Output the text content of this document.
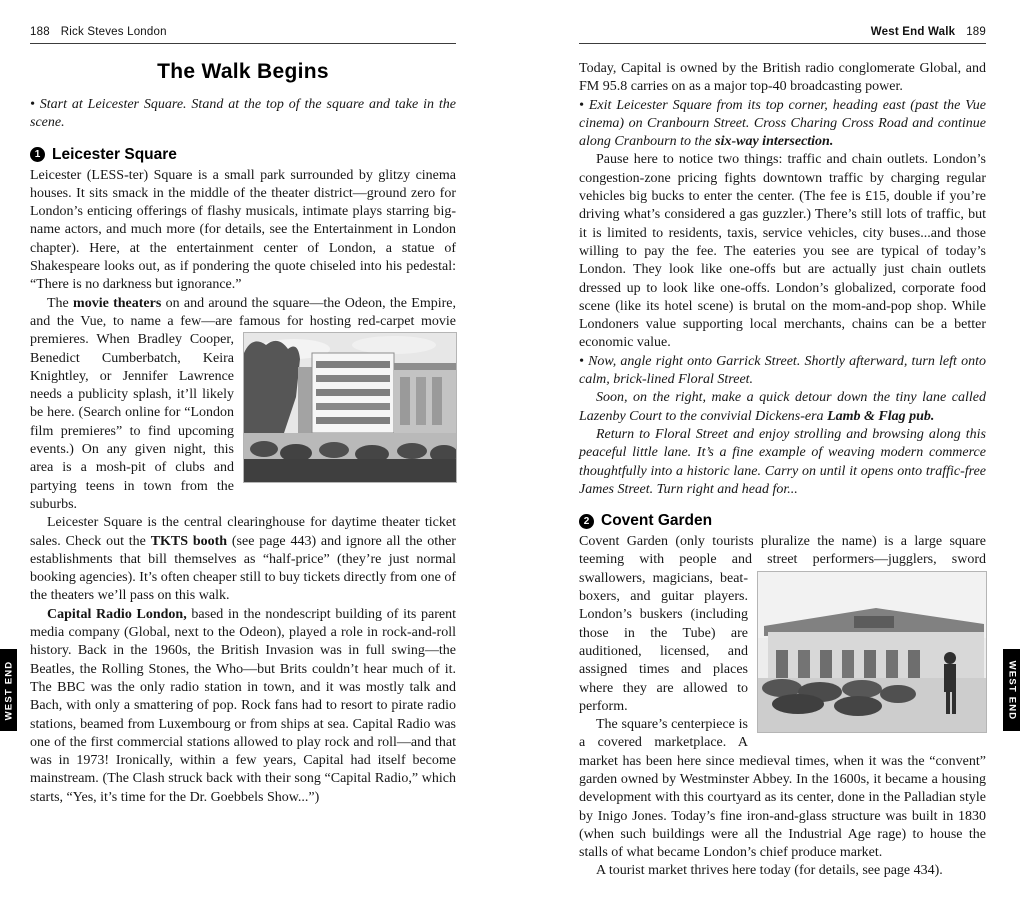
WEST END	WEST END
188 Rick Steves London
The Walk Begins

• Start at Leicester Square. Stand at the top of the square and take in the scene.

1 Leicester Square

Leicester (LESS-ter) Square is a small park surrounded by glitzy cinema houses. It sits smack in the middle of the theater district—ground zero for London’s enticing offerings of flashy musicals, intimate plays starring big-name actors, and much more (for details, see the Entertainment in London chapter). Here, at the entertainment center of London, a statue of Shakespeare looks out, as if pondering the quote chiseled into his pedestal: “There is no darkness but ignorance.”

The movie theaters on and around the square—the Odeon, the Empire, and the Vue, to name a few—are famous for hosting
red-carpet movie premieres. When Bradley Cooper, Benedict Cumberbatch, Keira Knightley, or Jennifer Lawrence needs a publicity splash, it’ll likely be here. (Search online for “London film premieres” to find upcoming events.) On any given night, this area is a mosh-pit of clubs and partying teens in town from the suburbs.

Leicester Square is the central clearinghouse for daytime theater ticket sales. Check out the TKTS booth (see page 443) and ignore all the other establishments that bill themselves as “half-price” (they’re just normal booking agencies). It’s often cheaper still to buy tickets directly from one of the theaters we’ll pass on this walk.

Capital Radio London, based in the nondescript building of its parent media company (Global, next to the Odeon), played a role in rock-and-roll history. Back in the 1960s, the British Invasion was in full swing—the Beatles, the Rolling Stones, the Who—but Brits couldn’t hear much of it. The BBC was the only radio station in town, and it was mostly talk and Bach, with only a smattering of pop. Rock fans had to resort to pirate radio stations, beamed from Luxembourg or from ships at sea. Capital Radio was one of the first commercial stations allowed to play rock and roll—and that was in 1973! Ironically, within a few years, Capital had itself become mainstream. (The Clash struck back with their song “Capital Radio,” which starts, “Yes, it’s time for the Dr. Goebbels Show...”)

West End Walk 189

Today, Capital is owned by the British radio conglomerate Global, and FM 95.8 carries on as a major top-40 broadcasting power.

• Exit Leicester Square from its top corner, heading east (past the Vue cinema) on Cranbourn Street. Cross Charing Cross Road and continue along Cranbourn to the six-way intersection.

Pause here to notice two things: traffic and chain outlets. London’s congestion-zone pricing fights downtown traffic by charging regular vehicles big bucks to enter the center. (The fee is £15, double if you’re driving what’s considered a gas guzzler.) There’s still lots of traffic, but it is limited to residents, taxis, service vehicles, city buses...and those willing to pay the fee. The eateries you see are typical of today’s London. They look like one-offs but are actually just chain outlets dressed up to look like one-offs. London’s globalized, corporate food scene (like its hotel scene) is brutal on the mom-and-pop shop. While Londoners value supporting local merchants, chains can be a better economic value.

• Now, angle right onto Garrick Street. Shortly afterward, turn left onto calm, brick-lined Floral Street.

Soon, on the right, make a quick detour down the tiny lane called Lazenby Court to the convivial Dickens-era Lamb & Flag pub.

Return to Floral Street and enjoy strolling and browsing along this peaceful little lane. It’s a fine example of weaving modern commerce thoughtfully into a historic lane. Carry on until it opens onto traffic-free James Street. Turn right and head for...

2 Covent Garden

Covent Garden (only tourists pluralize the name) is a large square teeming with people and street performers—jugglers, sword swallowers,
magicians, beat-boxers, and guitar players. London’s buskers (including those in the Tube) are auditioned, licensed, and assigned times and places where they are allowed to perform.

The square’s centerpiece is a covered marketplace. A market has been here since medieval times, when it was the “convent” garden owned by Westminster Abbey. In the 1600s, it became a housing development with this courtyard as its center, done in the Palladian style by Inigo Jones. Today’s fine iron-and-glass structure was built in 1830 (when such buildings were all the Industrial Age rage) to house the stalls of what became London’s chief produce market.

A tourist market thrives here today (for details, see page 434).
